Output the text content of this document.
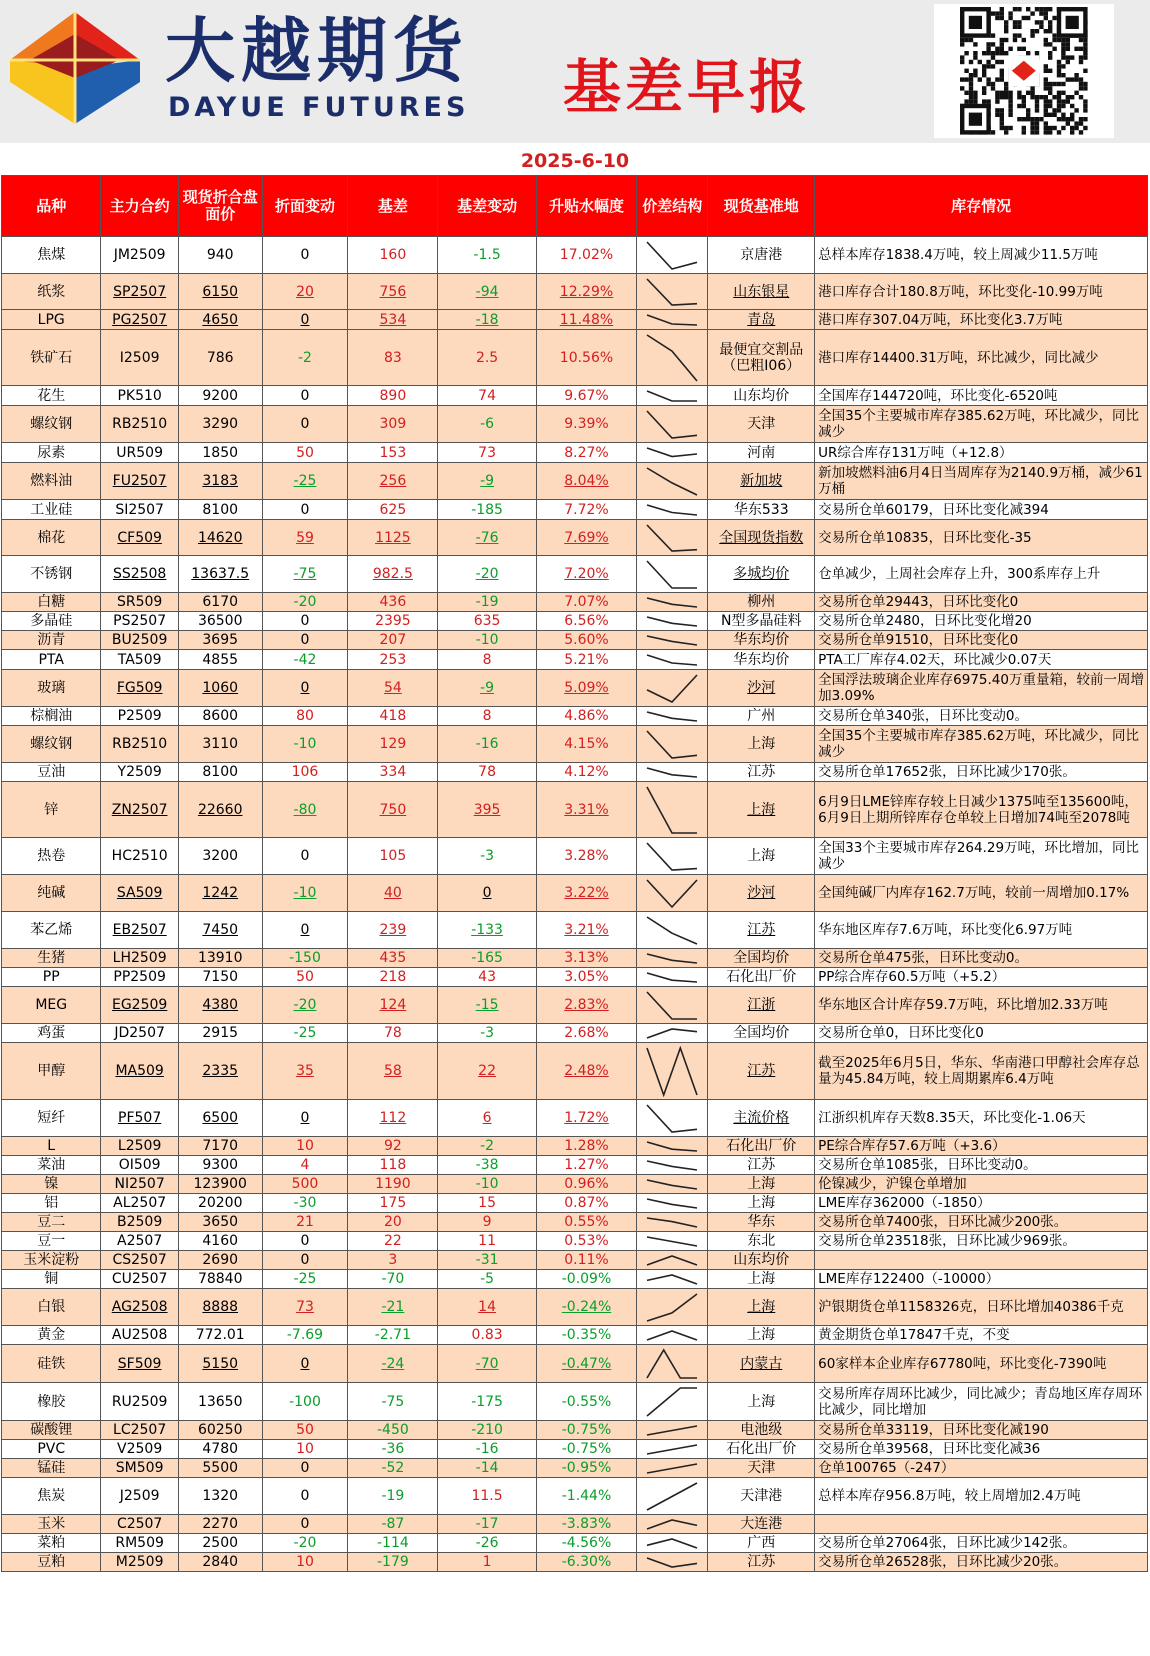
大越期货
DAYUE FUTURES 基差早报
2025-6-10
品种	主力合约	现货折合盘面价	折面变动	基差	基差变动	升贴水幅度	价差结构	现货基准地	库存情况
焦煤	JM2509	940	0	160	-1.5	17.02%		京唐港	总样本库存1838.4万吨，较上周减少11.5万吨
纸浆	SP2507	6150	20	756	-94	12.29%		山东银星	港口库存合计180.8万吨，环比变化-10.99万吨
LPG	PG2507	4650	0	534	-18	11.48%		青岛	港口库存307.04万吨，环比变化3.7万吨
铁矿石	I2509	786	-2	83	2.5	10.56%		最便宜交割品（巴粗I06）	港口库存14400.31万吨，环比减少，同比减少
花生	PK510	9200	0	890	74	9.67%		山东均价	全国库存144720吨，环比变化-6520吨
螺纹钢	RB2510	3290	0	309	-6	9.39%		天津	全国35个主要城市库存385.62万吨，环比减少，同比减少
尿素	UR509	1850	50	153	73	8.27%		河南	UR综合库存131万吨（+12.8）
燃料油	FU2507	3183	-25	256	-9	8.04%		新加坡	新加坡燃料油6月4日当周库存为2140.9万桶，减少61万桶
工业硅	SI2507	8100	0	625	-185	7.72%		华东533	交易所仓单60179，日环比变化减394
棉花	CF509	14620	59	1125	-76	7.69%		全国现货指数	交易所仓单10835，日环比变化-35
不锈钢	SS2508	13637.5	-75	982.5	-20	7.20%		多城均价	仓单减少，上周社会库存上升，300系库存上升
白糖	SR509	6170	-20	436	-19	7.07%		柳州	交易所仓单29443，日环比变化0
多晶硅	PS2507	36500	0	2395	635	6.56%		N型多晶硅料	交易所仓单2480，日环比变化增20
沥青	BU2509	3695	0	207	-10	5.60%		华东均价	交易所仓单91510，日环比变化0
PTA	TA509	4855	-42	253	8	5.21%		华东均价	PTA工厂库存4.02天，环比减少0.07天
玻璃	FG509	1060	0	54	-9	5.09%		沙河	全国浮法玻璃企业库存6975.40万重量箱，较前一周增加3.09%
棕榈油	P2509	8600	80	418	8	4.86%		广州	交易所仓单340张，日环比变动0。
螺纹钢	RB2510	3110	-10	129	-16	4.15%		上海	全国35个主要城市库存385.62万吨，环比减少，同比减少
豆油	Y2509	8100	106	334	78	4.12%		江苏	交易所仓单17652张，日环比减少170张。
锌	ZN2507	22660	-80	750	395	3.31%		上海	6月9日LME锌库存较上日减少1375吨至135600吨，6月9日上期所锌库存仓单较上日增加74吨至2078吨
热卷	HC2510	3200	0	105	-3	3.28%		上海	全国33个主要城市库存264.29万吨，环比增加，同比减少
纯碱	SA509	1242	-10	40	0	3.22%		沙河	全国纯碱厂内库存162.7万吨，较前一周增加0.17%
苯乙烯	EB2507	7450	0	239	-133	3.21%		江苏	华东地区库存7.6万吨，环比变化6.97万吨
生猪	LH2509	13910	-150	435	-165	3.13%		全国均价	交易所仓单475张，日环比变动0。
PP	PP2509	7150	50	218	43	3.05%		石化出厂价	PP综合库存60.5万吨（+5.2）
MEG	EG2509	4380	-20	124	-15	2.83%		江浙	华东地区合计库存59.7万吨，环比增加2.33万吨
鸡蛋	JD2507	2915	-25	78	-3	2.68%		全国均价	交易所仓单0，日环比变化0
甲醇	MA509	2335	35	58	22	2.48%		江苏	截至2025年6月5日，华东、华南港口甲醇社会库存总量为45.84万吨，较上周期累库6.4万吨
短纤	PF507	6500	0	112	6	1.72%		主流价格	江浙织机库存天数8.35天，环比变化-1.06天
L	L2509	7170	10	92	-2	1.28%		石化出厂价	PE综合库存57.6万吨（+3.6）
菜油	OI509	9300	4	118	-38	1.27%		江苏	交易所仓单1085张，日环比变动0。
镍	NI2507	123900	500	1190	-10	0.96%		上海	伦镍减少，沪镍仓单增加
铝	AL2507	20200	-30	175	15	0.87%		上海	LME库存362000（-1850）
豆二	B2509	3650	21	20	9	0.55%		华东	交易所仓单7400张，日环比减少200张。
豆一	A2507	4160	0	22	11	0.53%		东北	交易所仓单23518张，日环比减少969张。
玉米淀粉	CS2507	2690	0	3	-31	0.11%		山东均价	
铜	CU2507	78840	-25	-70	-5	-0.09%		上海	LME库存122400（-10000）
白银	AG2508	8888	73	-21	14	-0.24%		上海	沪银期货仓单1158326克，日环比增加40386千克
黄金	AU2508	772.01	-7.69	-2.71	0.83	-0.35%		上海	黄金期货仓单17847千克，不变
硅铁	SF509	5150	0	-24	-70	-0.47%		内蒙古	60家样本企业库存67780吨，环比变化-7390吨
橡胶	RU2509	13650	-100	-75	-175	-0.55%		上海	交易所库存周环比减少，同比减少；青岛地区库存周环比减少，同比增加
碳酸锂	LC2507	60250	50	-450	-210	-0.75%		电池级	交易所仓单33119，日环比变化减190
PVC	V2509	4780	10	-36	-16	-0.75%		石化出厂价	交易所仓单39568，日环比变化减36
锰硅	SM509	5500	0	-52	-14	-0.95%		天津	仓单100765（-247）
焦炭	J2509	1320	0	-19	11.5	-1.44%		天津港	总样本库存956.8万吨，较上周增加2.4万吨
玉米	C2507	2270	0	-87	-17	-3.83%		大连港	
菜粕	RM509	2500	-20	-114	-26	-4.56%		广西	交易所仓单27064张，日环比减少142张。
豆粕	M2509	2840	10	-179	1	-6.30%		江苏	交易所仓单26528张，日环比减少20张。
